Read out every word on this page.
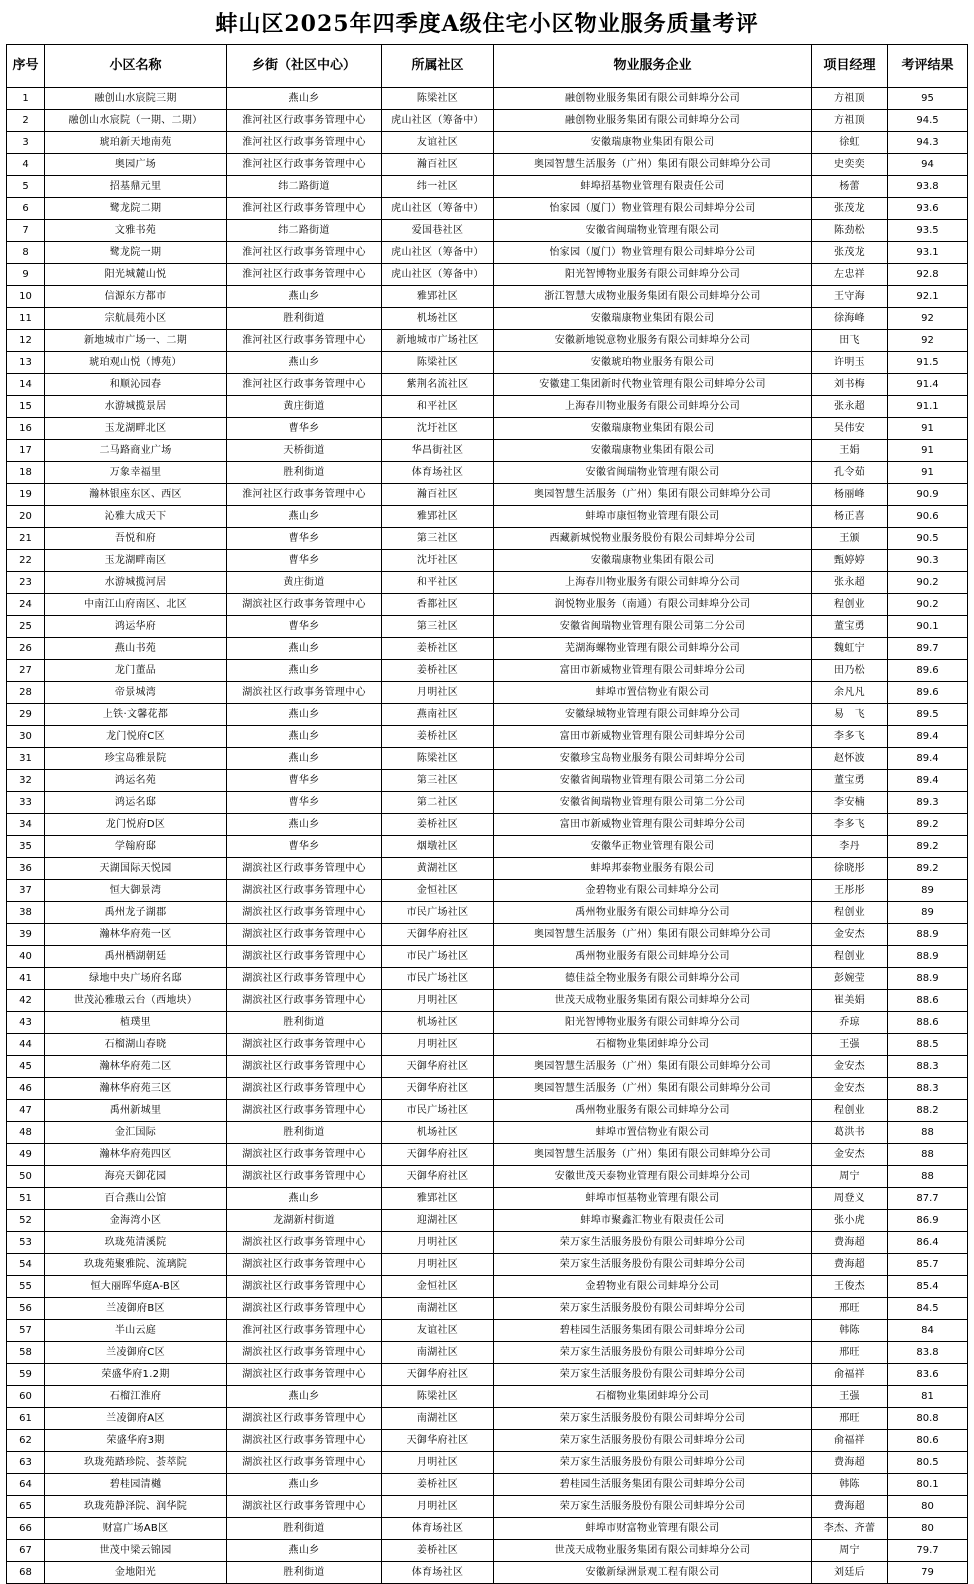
蚌山区2025年四季度A级住宅小区物业服务质量考评
序号	小区名称	乡街（社区中心）	所属社区	物业服务企业	项目经理	考评结果
1	融创山水宸院三期	燕山乡	陈梁社区	融创物业服务集团有限公司蚌埠分公司	方祖顶	95
2	融创山水宸院（一期、二期）	淮河社区行政事务管理中心	虎山社区（筹备中）	融创物业服务集团有限公司蚌埠分公司	方祖顶	94.5
3	琥珀新天地南苑	淮河社区行政事务管理中心	友谊社区	安徽瑞康物业集团有限公司	徐虹	94.3
4	奥园广场	淮河社区行政事务管理中心	瀚百社区	奥园智慧生活服务（广州）集团有限公司蚌埠分公司	史奕奕	94
5	招基鼎元里	纬二路街道	纬一社区	蚌埠招基物业管理有限责任公司	杨蕾	93.8
6	鹭龙院二期	淮河社区行政事务管理中心	虎山社区（筹备中）	怡家园（厦门）物业管理有限公司蚌埠分公司	张茂龙	93.6
7	文雅书苑	纬二路街道	爱国巷社区	安徽省闽瑞物业管理有限公司	陈劲松	93.5
8	鹭龙院一期	淮河社区行政事务管理中心	虎山社区（筹备中）	怡家园（厦门）物业管理有限公司蚌埠分公司	张茂龙	93.1
9	阳光城麓山悦	淮河社区行政事务管理中心	虎山社区（筹备中）	阳光智博物业服务有限公司蚌埠分公司	左忠祥	92.8
10	信源东方都市	燕山乡	雅郢社区	浙江智慧大成物业服务集团有限公司蚌埠分公司	王守海	92.1
11	宗航晨苑小区	胜利街道	机场社区	安徽瑞康物业集团有限公司	徐海峰	92
12	新地城市广场一、二期	淮河社区行政事务管理中心	新地城市广场社区	安徽新地锐意物业服务有限公司蚌埠分公司	田飞	92
13	琥珀观山悦（博苑）	燕山乡	陈梁社区	安徽琥珀物业服务有限公司	许明玉	91.5
14	和顺沁园春	淮河社区行政事务管理中心	紫荆名流社区	安徽建工集团新时代物业管理有限公司蚌埠分公司	刘书梅	91.4
15	水游城揽景居	黄庄街道	和平社区	上海春川物业服务有限公司蚌埠分公司	张永超	91.1
16	玉龙湖畔北区	曹华乡	沈圩社区	安徽瑞康物业集团有限公司	吴伟安	91
17	二马路商业广场	天桥街道	华昌街社区	安徽瑞康物业集团有限公司	王娟	91
18	万象幸福里	胜利街道	体育场社区	安徽省闽瑞物业管理有限公司	孔令茹	91
19	瀚林银座东区、西区	淮河社区行政事务管理中心	瀚百社区	奥园智慧生活服务（广州）集团有限公司蚌埠分公司	杨丽峰	90.9
20	沁雅大成天下	燕山乡	雅郢社区	蚌埠市康恒物业管理有限公司	杨正喜	90.6
21	吾悦和府	曹华乡	第三社区	西藏新城悦物业服务股份有限公司蚌埠分公司	王颁	90.5
22	玉龙湖畔南区	曹华乡	沈圩社区	安徽瑞康物业集团有限公司	甄婷婷	90.3
23	水游城揽河居	黄庄街道	和平社区	上海春川物业服务有限公司蚌埠分公司	张永超	90.2
24	中南江山府南区、北区	湖滨社区行政事务管理中心	香都社区	润悦物业服务（南通）有限公司蚌埠分公司	程创业	90.2
25	鸿运华府	曹华乡	第三社区	安徽省闽瑞物业管理有限公司第二分公司	董宝勇	90.1
26	燕山书苑	燕山乡	姜桥社区	芜湖海螺物业管理有限公司蚌埠分公司	魏虹宁	89.7
27	龙门董品	燕山乡	姜桥社区	富田市新威物业管理有限公司蚌埠分公司	田乃松	89.6
28	帝景城湾	湖滨社区行政事务管理中心	月明社区	蚌埠市置信物业有限公司	余凡凡	89.6
29	上铁·文馨花都	燕山乡	燕南社区	安徽绿城物业管理有限公司蚌埠分公司	易　飞	89.5
30	龙门悦府C区	燕山乡	姜桥社区	富田市新威物业管理有限公司蚌埠分公司	李多飞	89.4
31	珍宝岛雅景院	燕山乡	陈梁社区	安徽珍宝岛物业服务有限公司蚌埠分公司	赵怀波	89.4
32	鸿运名苑	曹华乡	第三社区	安徽省闽瑞物业管理有限公司第二分公司	董宝勇	89.4
33	鸿运名邸	曹华乡	第二社区	安徽省闽瑞物业管理有限公司第二分公司	李安楠	89.3
34	龙门悦府D区	燕山乡	姜桥社区	富田市新威物业管理有限公司蚌埠分公司	李多飞	89.2
35	学翰府邸	曹华乡	烟墩社区	安徽华正物业管理有限公司	李丹	89.2
36	天湖国际天悦园	湖滨社区行政事务管理中心	黄湖社区	蚌埠邦泰物业服务有限公司	徐晓彤	89.2
37	恒大御景湾	湖滨社区行政事务管理中心	金恒社区	金碧物业有限公司蚌埠分公司	王彤彤	89
38	禹州龙子湖郡	湖滨社区行政事务管理中心	市民广场社区	禹州物业服务有限公司蚌埠分公司	程创业	89
39	瀚林华府苑一区	湖滨社区行政事务管理中心	天御华府社区	奥园智慧生活服务（广州）集团有限公司蚌埠分公司	金安杰	88.9
40	禹州栖湖朝廷	湖滨社区行政事务管理中心	市民广场社区	禹州物业服务有限公司蚌埠分公司	程创业	88.9
41	绿地中央广场府名邸	湖滨社区行政事务管理中心	市民广场社区	德佳益全物业服务有限公司蚌埠分公司	彭婉莹	88.9
42	世茂沁雅璈云台（西地块）	湖滨社区行政事务管理中心	月明社区	世茂天成物业服务集团有限公司蚌埠分公司	崔美娟	88.6
43	植璞里	胜利街道	机场社区	阳光智博物业服务有限公司蚌埠分公司	乔琼	88.6
44	石榴湖山春晓	湖滨社区行政事务管理中心	月明社区	石榴物业集团蚌埠分公司	王强	88.5
45	瀚林华府苑二区	湖滨社区行政事务管理中心	天御华府社区	奥园智慧生活服务（广州）集团有限公司蚌埠分公司	金安杰	88.3
46	瀚林华府苑三区	湖滨社区行政事务管理中心	天御华府社区	奥园智慧生活服务（广州）集团有限公司蚌埠分公司	金安杰	88.3
47	禹州新城里	湖滨社区行政事务管理中心	市民广场社区	禹州物业服务有限公司蚌埠分公司	程创业	88.2
48	金汇国际	胜利街道	机场社区	蚌埠市置信物业有限公司	葛洪书	88
49	瀚林华府苑四区	湖滨社区行政事务管理中心	天御华府社区	奥园智慧生活服务（广州）集团有限公司蚌埠分公司	金安杰	88
50	海亮天御花园	湖滨社区行政事务管理中心	天御华府社区	安徽世茂天泰物业管理有限公司蚌埠分公司	周宁	88
51	百合燕山公馆	燕山乡	雅郢社区	蚌埠市恒基物业管理有限公司	周登义	87.7
52	金海湾小区	龙湖新村街道	迎湖社区	蚌埠市聚鑫汇物业有限责任公司	张小虎	86.9
53	玖珑苑清溪院	湖滨社区行政事务管理中心	月明社区	荣万家生活服务股份有限公司蚌埠分公司	费海超	86.4
54	玖珑苑聚雅院、流璃院	湖滨社区行政事务管理中心	月明社区	荣万家生活服务股份有限公司蚌埠分公司	费海超	85.7
55	恒大丽晖华庭A-B区	湖滨社区行政事务管理中心	金恒社区	金碧物业有限公司蚌埠分公司	王俊杰	85.4
56	兰凌御府B区	湖滨社区行政事务管理中心	南湖社区	荣万家生活服务股份有限公司蚌埠分公司	邢旺	84.5
57	半山云庭	淮河社区行政事务管理中心	友谊社区	碧桂园生活服务集团有限公司蚌埠分公司	韩陈	84
58	兰凌御府C区	湖滨社区行政事务管理中心	南湖社区	荣万家生活服务股份有限公司蚌埠分公司	邢旺	83.8
59	荣盛华府1.2期	湖滨社区行政事务管理中心	天御华府社区	荣万家生活服务股份有限公司蚌埠分公司	俞福祥	83.6
60	石榴江淮府	燕山乡	陈梁社区	石榴物业集团蚌埠分公司	王强	81
61	兰凌御府A区	湖滨社区行政事务管理中心	南湖社区	荣万家生活服务股份有限公司蚌埠分公司	邢旺	80.8
62	荣盛华府3期	湖滨社区行政事务管理中心	天御华府社区	荣万家生活服务股份有限公司蚌埠分公司	俞福祥	80.6
63	玖珑苑踏珍院、荟萃院	湖滨社区行政事务管理中心	月明社区	荣万家生活服务股份有限公司蚌埠分公司	费海超	80.5
64	碧桂园清樾	燕山乡	姜桥社区	碧桂园生活服务集团有限公司蚌埠分公司	韩陈	80.1
65	玖珑苑静泽院、润华院	湖滨社区行政事务管理中心	月明社区	荣万家生活服务股份有限公司蚌埠分公司	费海超	80
66	财富广场AB区	胜利街道	体育场社区	蚌埠市财富物业管理有限公司	李杰、齐蕾	80
67	世茂中梁云锦园	燕山乡	姜桥社区	世茂天成物业服务集团有限公司蚌埠分公司	周宁	79.7
68	金地阳光	胜利街道	体育场社区	安徽新绿洲景观工程有限公司	刘廷后	79
